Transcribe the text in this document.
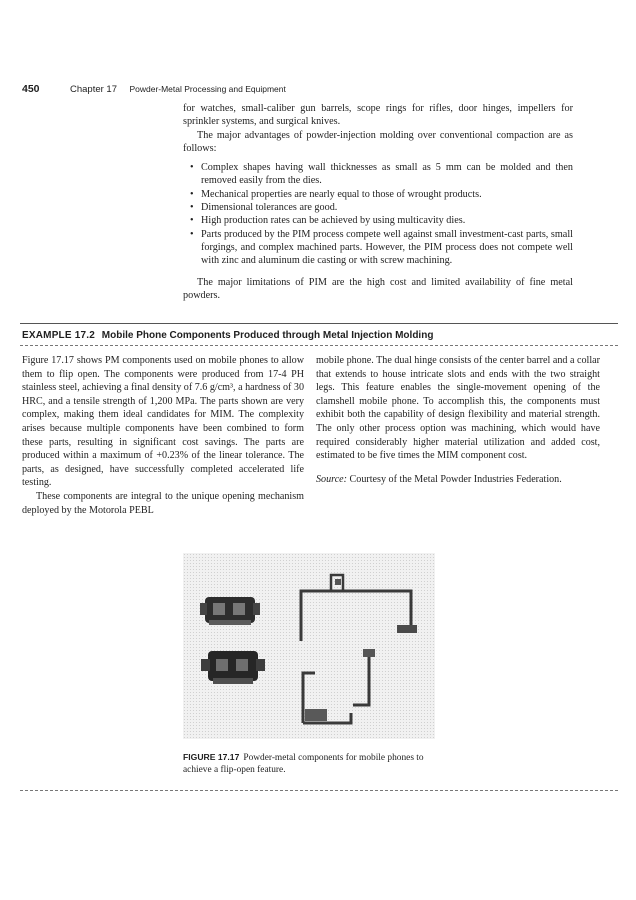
450	Chapter 17 Powder-Metal Processing and Equipment

for watches, small-caliber gun barrels, scope rings for rifles, door hinges, impellers for sprinkler systems, and surgical knives.

The major advantages of powder-injection molding over conventional compaction are as follows:

• Complex shapes having wall thicknesses as small as 5 mm can be molded and then removed easily from the dies.
• Mechanical properties are nearly equal to those of wrought products.
• Dimensional tolerances are good.
• High production rates can be achieved by using multicavity dies.
• Parts produced by the PIM process compete well against small investment-cast parts, small forgings, and complex machined parts. However, the PIM process does not compete well with zinc and aluminum die casting or with screw machining.

The major limitations of PIM are the high cost and limited availability of fine metal powders.

EXAMPLE 17.2 Mobile Phone Components Produced through Metal Injection Molding

Figure 17.17 shows PM components used on mobile phones to allow them to flip open. The components were produced from 17-4 PH stainless steel, achieving a final density of 7.6 g/cm³, a hardness of 30 HRC, and a tensile strength of 1,200 MPa. The parts shown are very complex, making them ideal candidates for MIM. The complexity arises because multiple components have been combined to form these parts, resulting in significant cost savings. The parts are produced within a maximum of +0.23% of the linear tolerance. The parts, as designed, have successfully completed accelerated life testing.

These components are integral to the unique opening mechanism deployed by the Motorola PEBL

mobile phone. The dual hinge consists of the center barrel and a collar that extends to house intricate slots and ends with the two straight legs. This feature enables the single-movement opening of the clamshell mobile phone. To accomplish this, the components must exhibit both the capability of design flexibility and material strength. The only other process option was machining, which would have required considerably higher material utilization and added cost, estimated to be five times the MIM component cost.

Source: Courtesy of the Metal Powder Industries Federation.

FIGURE 17.17 Powder-metal components for mobile phones to achieve a flip-open feature.
